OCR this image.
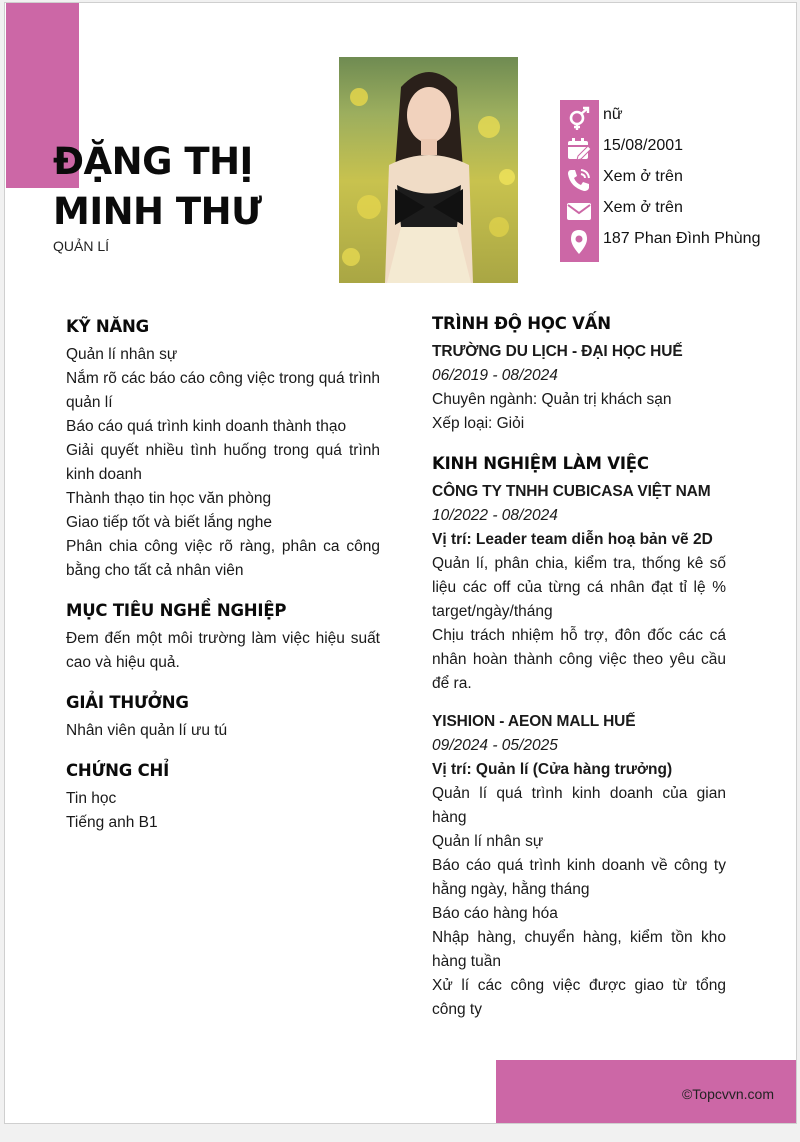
ĐẶNG THỊ
MINH THƯ
QUẢN LÍ
nữ
15/08/2001
Xem ở trên
Xem ở trên
187 Phan Đình Phùng
KỸ NĂNG

Quản lí nhân sự

Nắm rõ các báo cáo công việc trong quá trình quản lí

Báo cáo quá trình kinh doanh thành thạo

Giải quyết nhiều tình huống trong quá trình kinh doanh

Thành thạo tin học văn phòng

Giao tiếp tốt và biết lắng nghe

Phân chia công việc rõ ràng, phân ca công bằng cho tất cả nhân viên

MỤC TIÊU NGHỀ NGHIỆP

Đem đến một môi trường làm việc hiệu suất cao và hiệu quả.

GIẢI THƯỞNG

Nhân viên quản lí ưu tú

CHỨNG CHỈ

Tin học

Tiếng anh B1

TRÌNH ĐỘ HỌC VẤN

TRƯỜNG DU LỊCH - ĐẠI HỌC HUẾ

06/2019 - 08/2024

Chuyên ngành: Quản trị khách sạn

Xếp loại: Giỏi

KINH NGHIỆM LÀM VIỆC

CÔNG TY TNHH CUBICASA VIỆT NAM

10/2022 - 08/2024

Vị trí: Leader team diễn hoạ bản vẽ 2D

Quản lí, phân chia, kiểm tra, thống kê số liệu các off của từng cá nhân đạt tỉ lệ % target/ngày/tháng

Chịu trách nhiệm hỗ trợ, đôn đốc các cá nhân hoàn thành công việc theo yêu cầu để ra.

YISHION - AEON MALL HUẾ

09/2024 - 05/2025

Vị trí: Quản lí (Cửa hàng trưởng)

Quản lí quá trình kinh doanh của gian hàng

Quản lí nhân sự

Báo cáo quá trình kinh doanh về công ty hằng ngày, hằng tháng

Báo cáo hàng hóa

Nhập hàng, chuyển hàng, kiểm tồn kho hàng tuần

Xử lí các công việc được giao từ tổng công ty

©Topcvvn.com
